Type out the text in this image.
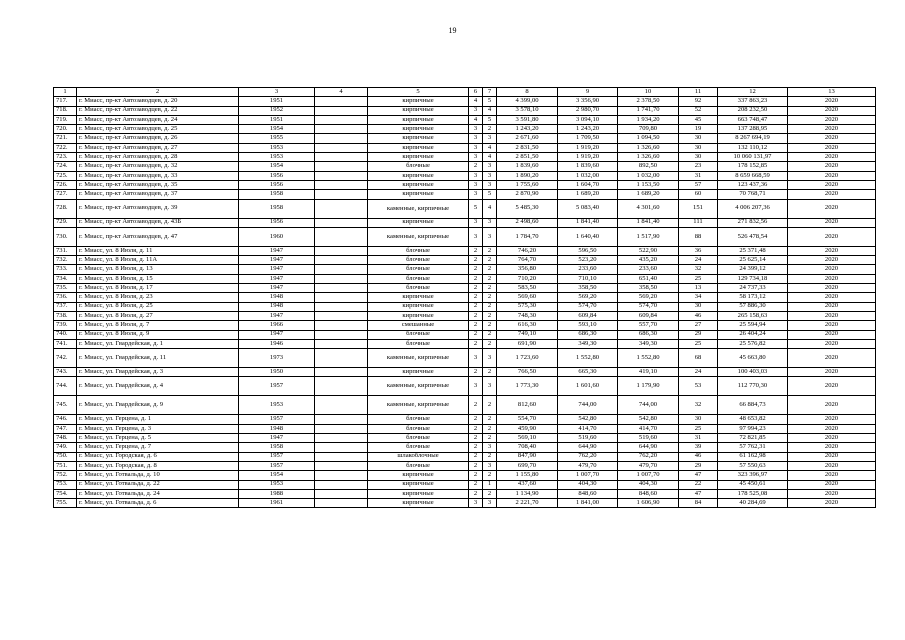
19
1	2	3	4	5	6	7	8	9	10	11	12	13
717.	г. Миасс, пр-кт Автозаводцев, д. 20	1951		кирпичные	4	5	4 399,00	3 356,90	2 378,50	92	337 863,23	2020
718.	г. Миасс, пр-кт Автозаводцев, д. 22	1952		кирпичные	3	4	3 578,10	2 980,70	1 741,70	52	208 232,50	2020
719.	г. Миасс, пр-кт Автозаводцев, д. 24	1951		кирпичные	4	5	3 591,80	3 094,10	1 934,20	45	663 748,47	2020
720.	г. Миасс, пр-кт Автозаводцев, д. 25	1954		кирпичные	3	2	1 243,20	1 243,20	709,80	19	137 288,95	2020
721.	г. Миасс, пр-кт Автозаводцев, д. 26	1955		кирпичные	3	3	2 671,60	1 709,50	1 094,50	30	8 267 694,19	2020
722.	г. Миасс, пр-кт Автозаводцев, д. 27	1953		кирпичные	3	4	2 831,50	1 919,20	1 326,60	30	132 110,12	2020
723.	г. Миасс, пр-кт Автозаводцев, д. 28	1953		кирпичные	3	4	2 851,50	1 919,20	1 326,60	30	10 060 131,97	2020
724.	г. Миасс, пр-кт Автозаводцев, д. 32	1954		блочные	2	3	1 839,60	1 839,60	892,50	23	178 152,85	2020
725.	г. Миасс, пр-кт Автозаводцев, д. 33	1956		кирпичные	3	3	1 890,20	1 032,00	1 032,00	31	8 659 668,59	2020
726.	г. Миасс, пр-кт Автозаводцев, д. 35	1956		кирпичные	3	3	1 755,60	1 604,70	1 153,50	57	123 437,36	2020
727.	г. Миасс, пр-кт Автозаводцев, д. 37	1958		кирпичные	3	5	2 870,90	1 689,20	1 689,20	60	70 768,71	2020
728.	г. Миасс, пр-кт Автозаводцев, д. 39	1958		каменные, кирпичные	5	4	5 485,30	5 083,40	4 301,60	151	4 006 207,36	2020
729.	г. Миасс, пр-кт Автозаводцев, д. 43Б	1956		кирпичные	3	3	2 498,60	1 841,40	1 841,40	111	271 832,56	2020
730.	г. Миасс, пр-кт Автозаводцев, д. 47	1960		каменные, кирпичные	3	3	1 784,70	1 640,40	1 517,90	88	526 478,54	2020
731.	г. Миасс, ул. 8 Июля, д. 11	1947		блочные	2	2	746,20	596,50	522,90	36	25 371,48	2020
732.	г. Миасс, ул. 8 Июля, д. 11А	1947		блочные	2	2	764,70	523,20	435,20	24	25 625,14	2020
733.	г. Миасс, ул. 8 Июля, д. 13	1947		блочные	2	2	356,80	233,60	233,60	32	24 399,12	2020
734.	г. Миасс, ул. 8 Июля, д. 15	1947		блочные	2	2	710,20	710,10	651,40	25	129 734,18	2020
735.	г. Миасс, ул. 8 Июля, д. 17	1947		блочные	2	2	583,50	358,50	358,50	13	24 737,33	2020
736.	г. Миасс, ул. 8 Июля, д. 23	1948		кирпичные	2	2	569,60	569,20	569,20	34	58 173,12	2020
737.	г. Миасс, ул. 8 Июля, д. 25	1948		кирпичные	2	2	575,30	574,70	574,70	30	57 886,30	2020
738.	г. Миасс, ул. 8 Июля, д. 27	1947		кирпичные	2	2	748,30	609,84	609,84	46	265 158,63	2020
739.	г. Миасс, ул. 8 Июля, д. 7	1966		смешанные	2	2	616,30	593,10	557,70	27	25 594,94	2020
740.	г. Миасс, ул. 8 Июля, д. 9	1947		блочные	2	2	749,10	686,30	686,30	29	26 404,24	2020
741.	г. Миасс, ул. Гвардейская, д. 1	1946		блочные	2	2	691,90	349,30	349,30	25	25 576,82	2020
742.	г. Миасс, ул. Гвардейская, д. 11	1973		каменные, кирпичные	3	3	1 723,60	1 552,80	1 552,80	68	45 663,80	2020
743.	г. Миасс, ул. Гвардейская, д. 3	1950		кирпичные	2	2	766,50	665,30	419,10	24	100 403,03	2020
744.	г. Миасс, ул. Гвардейская, д. 4	1957		каменные, кирпичные	3	3	1 773,30	1 601,60	1 179,90	53	112 770,30	2020
745.	г. Миасс, ул. Гвардейская, д. 9	1953		каменные, кирпичные	2	2	812,60	744,00	744,00	32	66 884,73	2020
746.	г. Миасс, ул. Герцена, д. 1	1957		блочные	2	2	554,70	542,80	542,80	30	48 653,82	2020
747.	г. Миасс, ул. Герцена, д. 3	1948		блочные	2	2	459,90	414,70	414,70	25	97 994,23	2020
748.	г. Миасс, ул. Герцена, д. 5	1947		блочные	2	2	569,10	519,60	519,60	31	72 821,85	2020
749.	г. Миасс, ул. Герцена, д. 7	1958		блочные	2	3	708,40	644,90	644,90	39	57 762,31	2020
750.	г. Миасс, ул. Городская, д. 6	1957		шлакоблочные	2	2	847,90	762,20	762,20	46	61 162,98	2020
751.	г. Миасс, ул. Городская, д. 8	1957		блочные	2	3	699,70	479,70	479,70	29	57 550,63	2020
752.	г. Миасс, ул. Готвальда, д. 10	1954		кирпичные	2	2	1 155,80	1 007,70	1 007,70	47	323 396,97	2020
753.	г. Миасс, ул. Готвальда, д. 22	1953		кирпичные	2	1	437,60	404,30	404,30	22	45 450,61	2020
754.	г. Миасс, ул. Готвальда, д. 24	1988		кирпичные	2	2	1 134,90	848,60	848,60	47	178 525,08	2020
755.	г. Миасс, ул. Готвальда, д. 6	1961		кирпичные	3	3	2 221,70	1 841,00	1 606,90	84	40 284,69	2020
